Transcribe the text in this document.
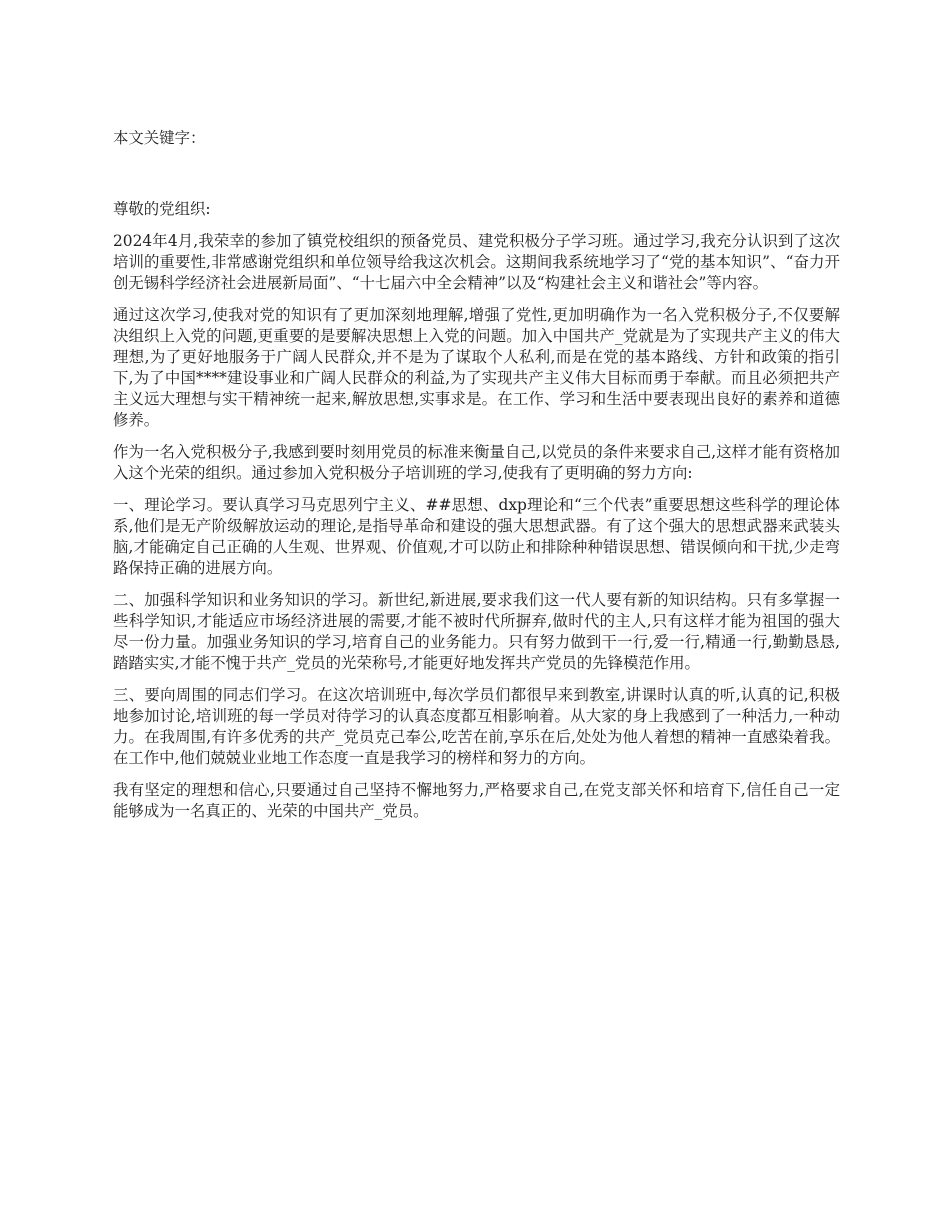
本文关键字：

尊敬的党组织:

2024年4月,我荣幸的参加了镇党校组织的预备党员、建党积极分子学习班。通过学习,我充分认识到了这次培训的重要性,非常感谢党组织和单位领导给我这次机会。这期间我系统地学习了“党的基本知识”、“奋力开创无锡科学经济社会进展新局面”、“十七届六中全会精神”以及“构建社会主义和谐社会”等内容。

通过这次学习,使我对党的知识有了更加深刻地理解,增强了党性,更加明确作为一名入党积极分子,不仅要解决组织上入党的问题,更重要的是要解决思想上入党的问题。加入中国共产_党就是为了实现共产主义的伟大理想,为了更好地服务于广阔人民群众,并不是为了谋取个人私利,而是在党的基本路线、方针和政策的指引下,为了中国****建设事业和广阔人民群众的利益,为了实现共产主义伟大目标而勇于奉献。而且必须把共产主义远大理想与实干精神统一起来,解放思想,实事求是。在工作、学习和生活中要表现出良好的素养和道德修养。

作为一名入党积极分子,我感到要时刻用党员的标准来衡量自己,以党员的条件来要求自己,这样才能有资格加入这个光荣的组织。通过参加入党积极分子培训班的学习,使我有了更明确的努力方向:

一、理论学习。要认真学习马克思列宁主义、##思想、dxp理论和“三个代表”重要思想这些科学的理论体系,他们是无产阶级解放运动的理论,是指导革命和建设的强大思想武器。有了这个强大的思想武器来武装头脑,才能确定自己正确的人生观、世界观、价值观,才可以防止和排除种种错误思想、错误倾向和干扰,少走弯路保持正确的进展方向。

二、加强科学知识和业务知识的学习。新世纪,新进展,要求我们这一代人要有新的知识结构。只有多掌握一些科学知识,才能适应市场经济进展的需要,才能不被时代所摒弃,做时代的主人,只有这样才能为祖国的强大尽一份力量。加强业务知识的学习,培育自己的业务能力。只有努力做到干一行,爱一行,精通一行,勤勤恳恳,踏踏实实,才能不愧于共产_党员的光荣称号,才能更好地发挥共产党员的先锋模范作用。

三、要向周围的同志们学习。在这次培训班中,每次学员们都很早来到教室,讲课时认真的听,认真的记,积极地参加讨论,培训班的每一学员对待学习的认真态度都互相影响着。从大家的身上我感到了一种活力,一种动力。在我周围,有许多优秀的共产_党员克己奉公,吃苦在前,享乐在后,处处为他人着想的精神一直感染着我。在工作中,他们兢兢业业地工作态度一直是我学习的榜样和努力的方向。

我有坚定的理想和信心,只要通过自己坚持不懈地努力,严格要求自己,在党支部关怀和培育下,信任自己一定能够成为一名真正的、光荣的中国共产_党员。
